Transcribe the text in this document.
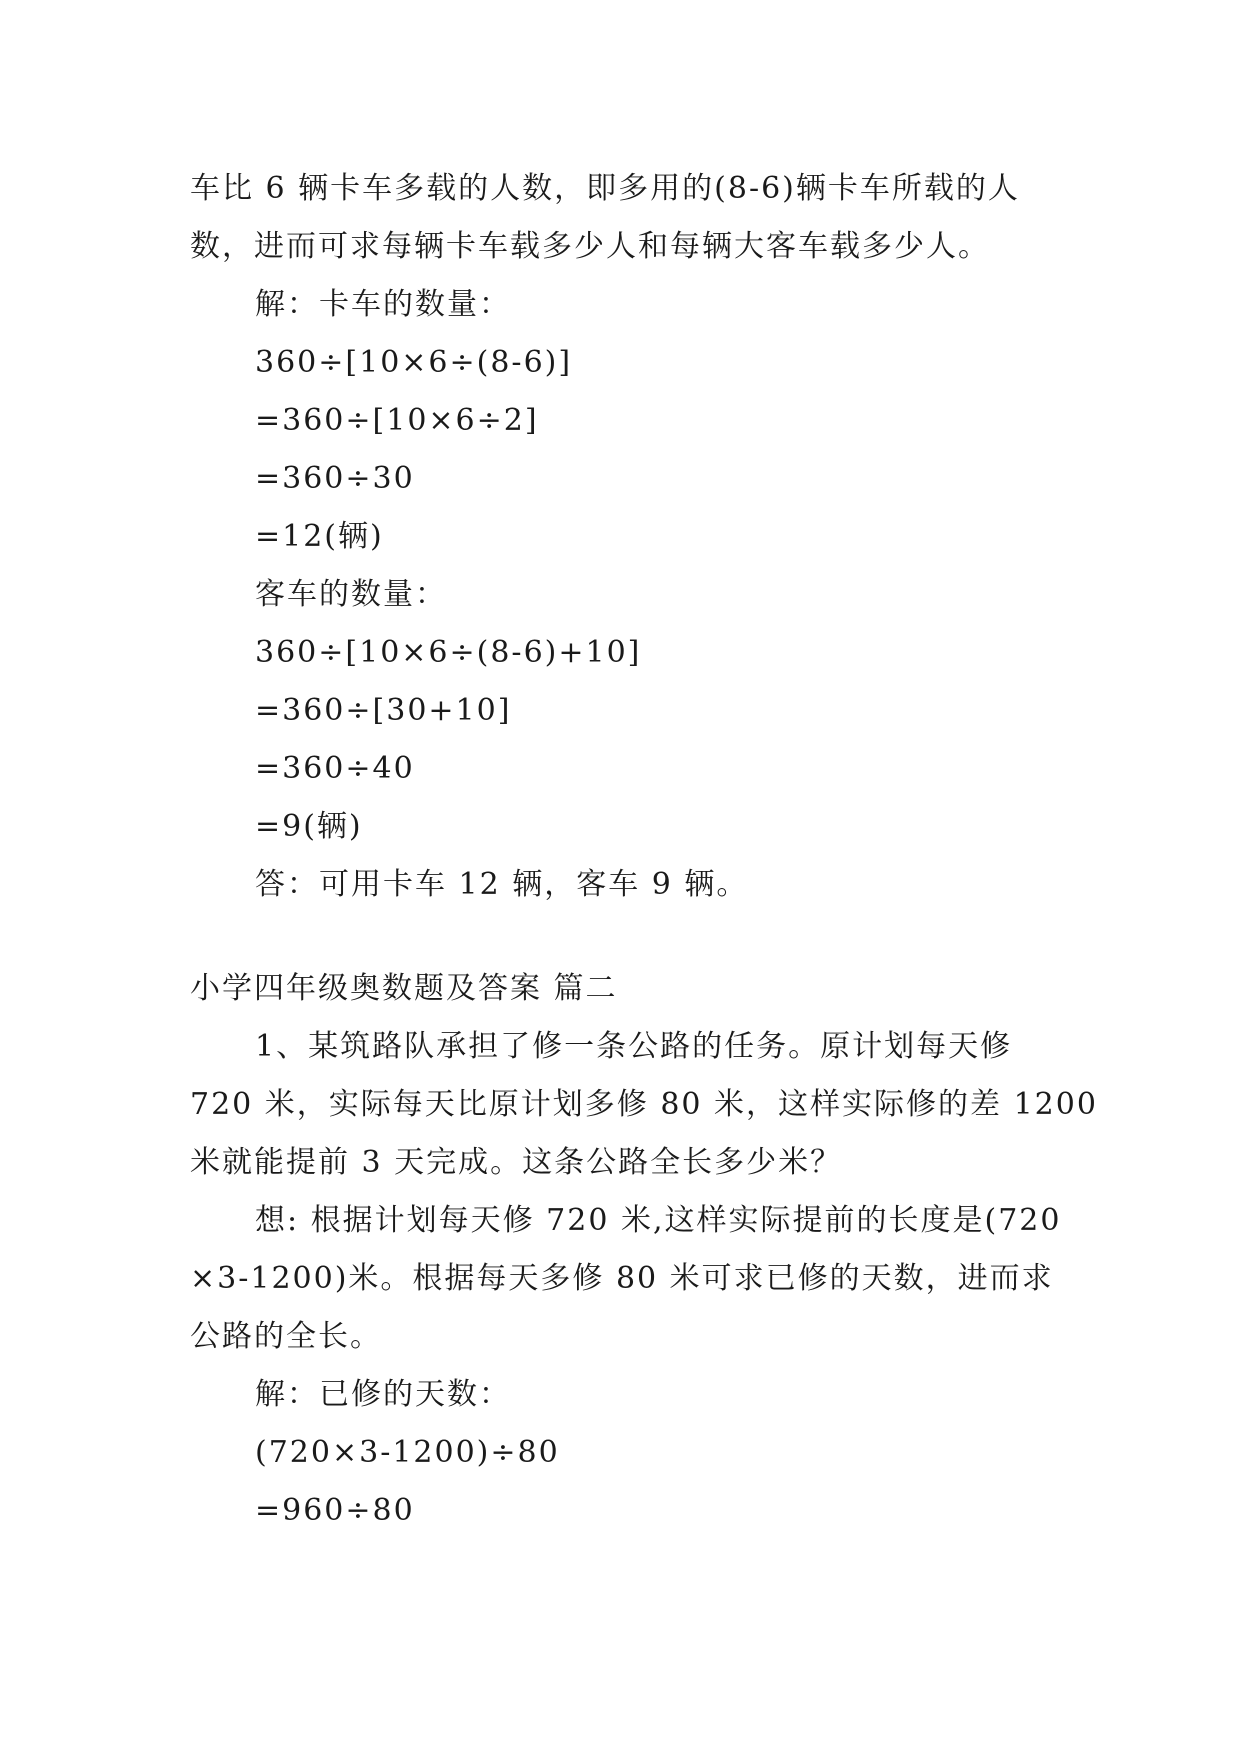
车比 6 辆卡车多载的人数，即多用的(8-6)辆卡车所载的人
数，进而可求每辆卡车载多少人和每辆大客车载多少人。
解：卡车的数量：
360÷[10×6÷(8-6)]
=360÷[10×6÷2]
=360÷30
=12(辆)
客车的数量：
360÷[10×6÷(8-6)+10]
=360÷[30+10]
=360÷40
=9(辆)
答：可用卡车 12 辆，客车 9 辆。
小学四年级奥数题及答案 篇二
1、某筑路队承担了修一条公路的任务。原计划每天修
720 米，实际每天比原计划多修 80 米，这样实际修的差 1200
米就能提前 3 天完成。这条公路全长多少米？
想: 根据计划每天修 720 米,这样实际提前的长度是(720
×3-1200)米。根据每天多修 80 米可求已修的天数，进而求
公路的全长。
解：已修的天数：
(720×3-1200)÷80
=960÷80
